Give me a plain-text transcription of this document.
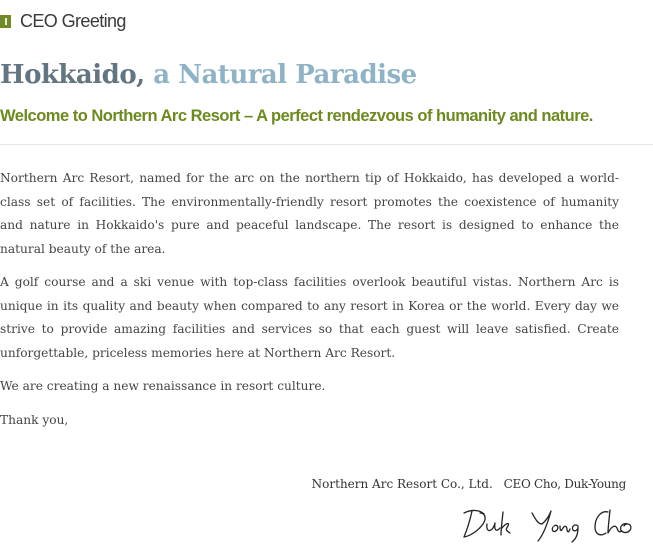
CEO Greeting
Hokkaido, a Natural Paradise
Welcome to Northern Arc Resort – A perfect rendezvous of humanity and nature.

Northern Arc Resort, named for the arc on the northern tip of Hokkaido, has developed a world-class set of facilities. The environmentally-friendly resort promotes the coexistence of humanity and nature in Hokkaido's pure and peaceful landscape. The resort is designed to enhance the natural beauty of the area.

A golf course and a ski venue with top-class facilities overlook beautiful vistas. Northern Arc is unique in its quality and beauty when compared to any resort in Korea or the world. Every day we strive to provide amazing facilities and services so that each guest will leave satisfied. Create unforgettable, priceless memories here at Northern Arc Resort.

We are creating a new renaissance in resort culture.

Thank you,

Northern Arc Resort Co., Ltd. CEO Cho, Duk-Young
